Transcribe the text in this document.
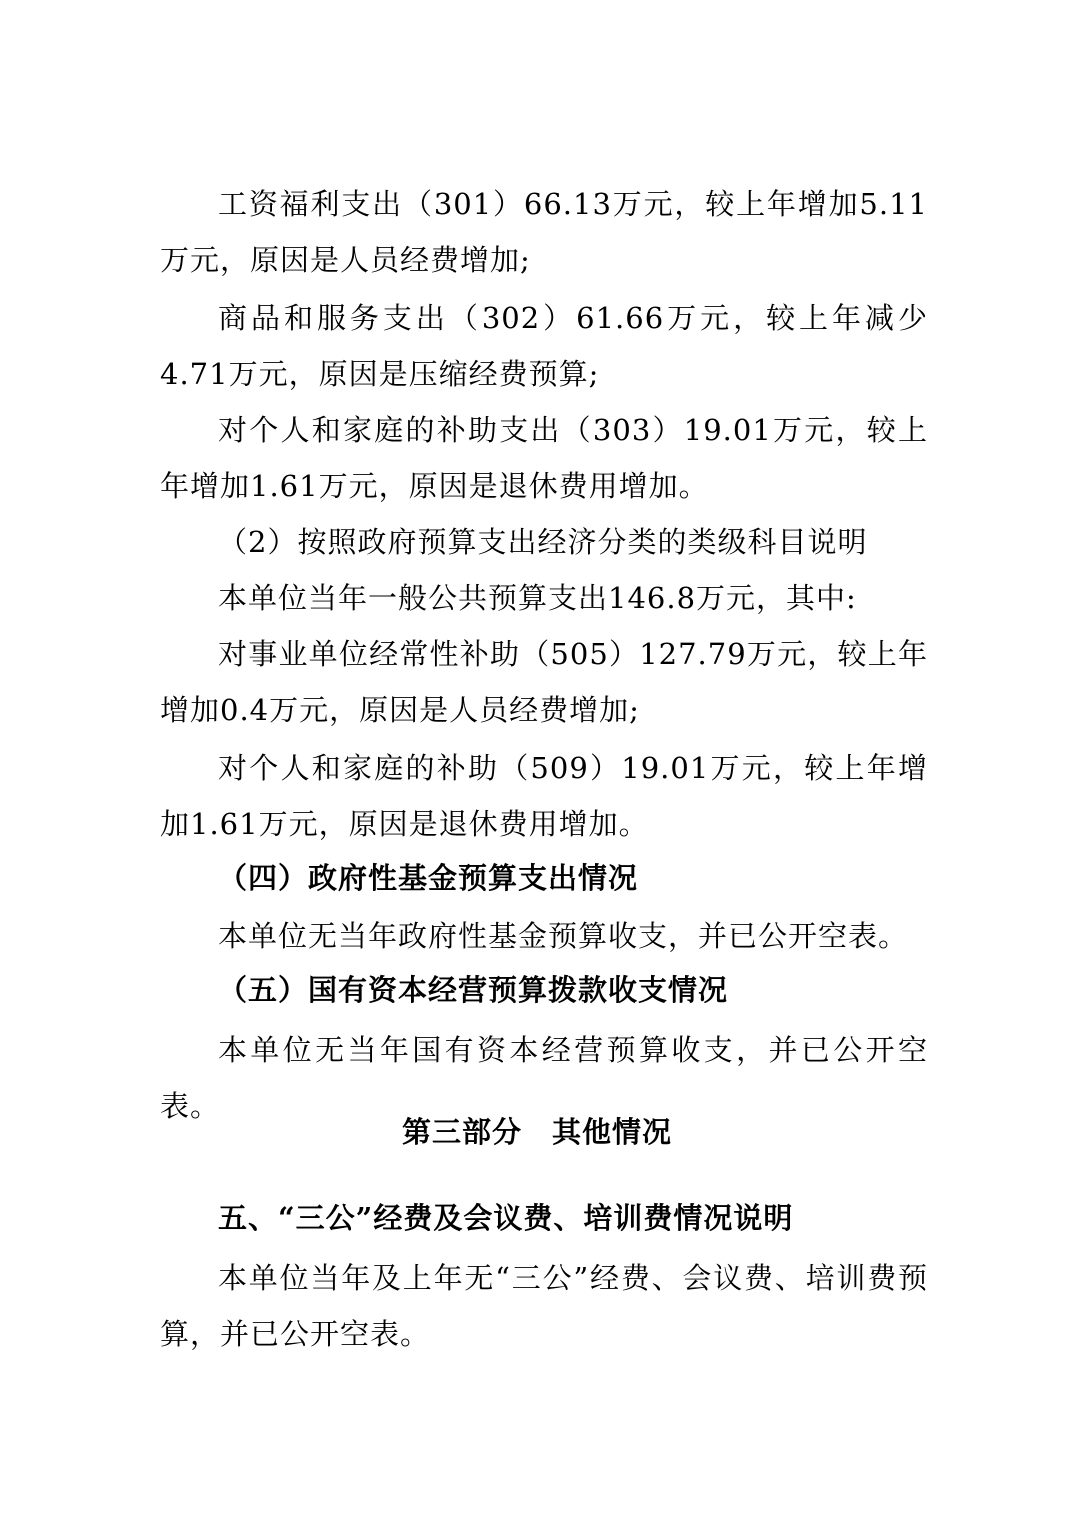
工资福利支出（301）66.13万元，较上年增加5.11万元，原因是人员经费增加;

商品和服务支出（302）61.66万元，较上年减少4.71万元，原因是压缩经费预算;

对个人和家庭的补助支出（303）19.01万元，较上年增加1.61万元，原因是退休费用增加。

（2）按照政府预算支出经济分类的类级科目说明

本单位当年一般公共预算支出146.8万元，其中:

对事业单位经常性补助（505）127.79万元，较上年增加0.4万元，原因是人员经费增加;

对个人和家庭的补助（509）19.01万元，较上年增加1.61万元，原因是退休费用增加。

（四）政府性基金预算支出情况

本单位无当年政府性基金预算收支，并已公开空表。

（五）国有资本经营预算拨款收支情况

本单位无当年国有资本经营预算收支，并已公开空表。

第三部分　其他情况
五、“三公”经费及会议费、培训费情况说明

本单位当年及上年无“三公”经费、会议费、培训费预算，并已公开空表。
